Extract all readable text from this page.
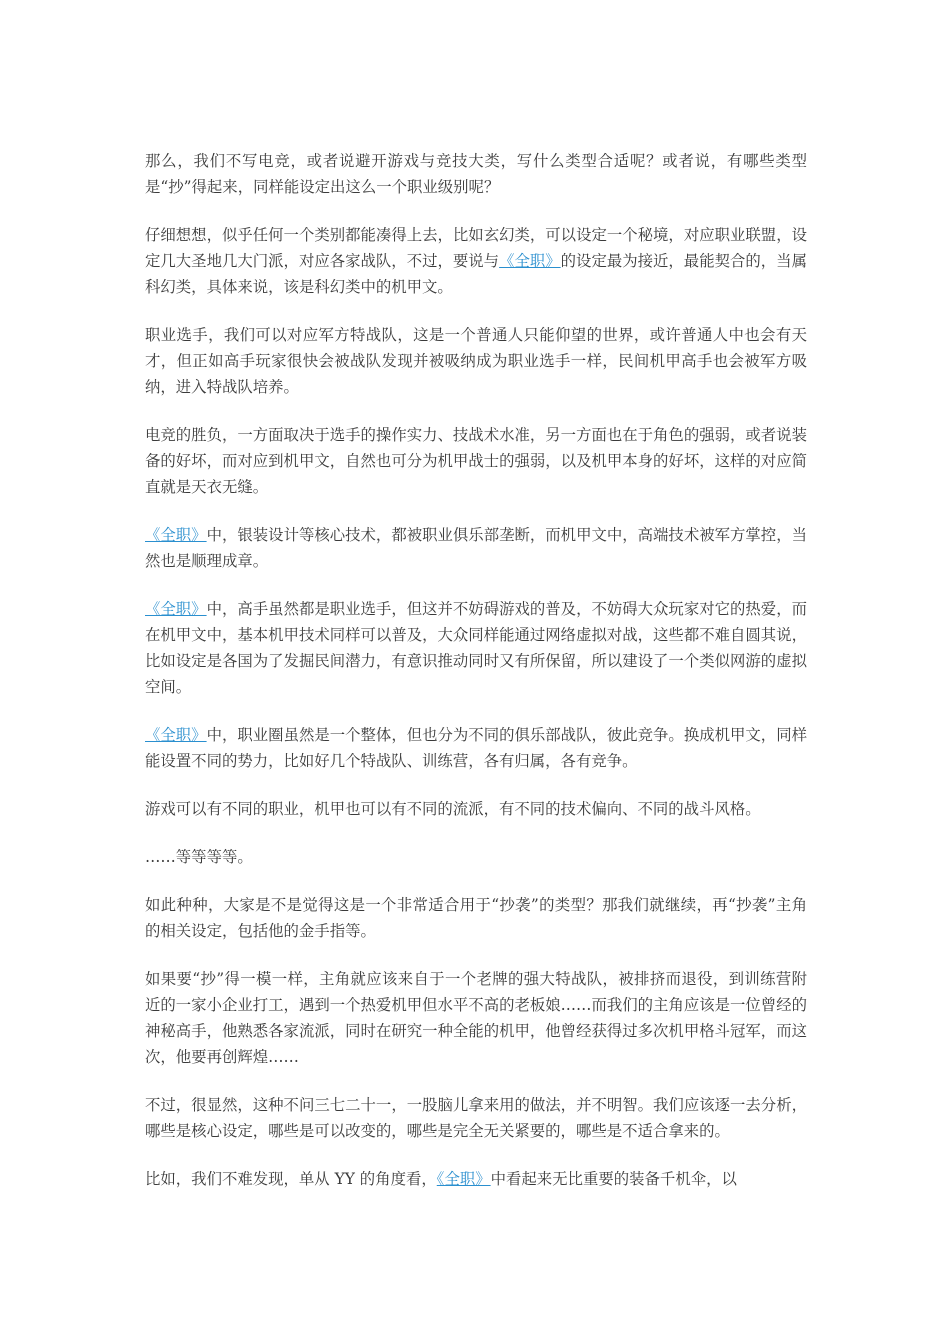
那么，我们不写电竞，或者说避开游戏与竞技大类，写什么类型合适呢？或者说，有哪些类型是“抄”得起来，同样能设定出这么一个职业级别呢？

仔细想想，似乎任何一个类别都能凑得上去，比如玄幻类，可以设定一个秘境，对应职业联盟，设定几大圣地几大门派，对应各家战队，不过，要说与《全职》的设定最为接近，最能契合的，当属科幻类，具体来说，该是科幻类中的机甲文。

职业选手，我们可以对应军方特战队，这是一个普通人只能仰望的世界，或许普通人中也会有天才，但正如高手玩家很快会被战队发现并被吸纳成为职业选手一样，民间机甲高手也会被军方吸纳，进入特战队培养。

电竞的胜负，一方面取决于选手的操作实力、技战术水准，另一方面也在于角色的强弱，或者说装备的好坏，而对应到机甲文，自然也可分为机甲战士的强弱，以及机甲本身的好坏，这样的对应简直就是天衣无缝。

《全职》中，银装设计等核心技术，都被职业俱乐部垄断，而机甲文中，高端技术被军方掌控，当然也是顺理成章。

《全职》中，高手虽然都是职业选手，但这并不妨碍游戏的普及，不妨碍大众玩家对它的热爱，而在机甲文中，基本机甲技术同样可以普及，大众同样能通过网络虚拟对战，这些都不难自圆其说，比如设定是各国为了发掘民间潜力，有意识推动同时又有所保留，所以建设了一个类似网游的虚拟空间。

《全职》中，职业圈虽然是一个整体，但也分为不同的俱乐部战队，彼此竞争。换成机甲文，同样能设置不同的势力，比如好几个特战队、训练营，各有归属，各有竞争。

游戏可以有不同的职业，机甲也可以有不同的流派，有不同的技术偏向、不同的战斗风格。

……等等等等。

如此种种，大家是不是觉得这是一个非常适合用于“抄袭”的类型？那我们就继续，再“抄袭”主角的相关设定，包括他的金手指等。

如果要“抄”得一模一样，主角就应该来自于一个老牌的强大特战队，被排挤而退役，到训练营附近的一家小企业打工，遇到一个热爱机甲但水平不高的老板娘……而我们的主角应该是一位曾经的神秘高手，他熟悉各家流派，同时在研究一种全能的机甲，他曾经获得过多次机甲格斗冠军，而这次，他要再创辉煌……

不过，很显然，这种不问三七二十一，一股脑儿拿来用的做法，并不明智。我们应该逐一去分析，哪些是核心设定，哪些是可以改变的，哪些是完全无关紧要的，哪些是不适合拿来的。

比如，我们不难发现，单从 YY 的角度看，《全职》中看起来无比重要的装备千机伞，以
